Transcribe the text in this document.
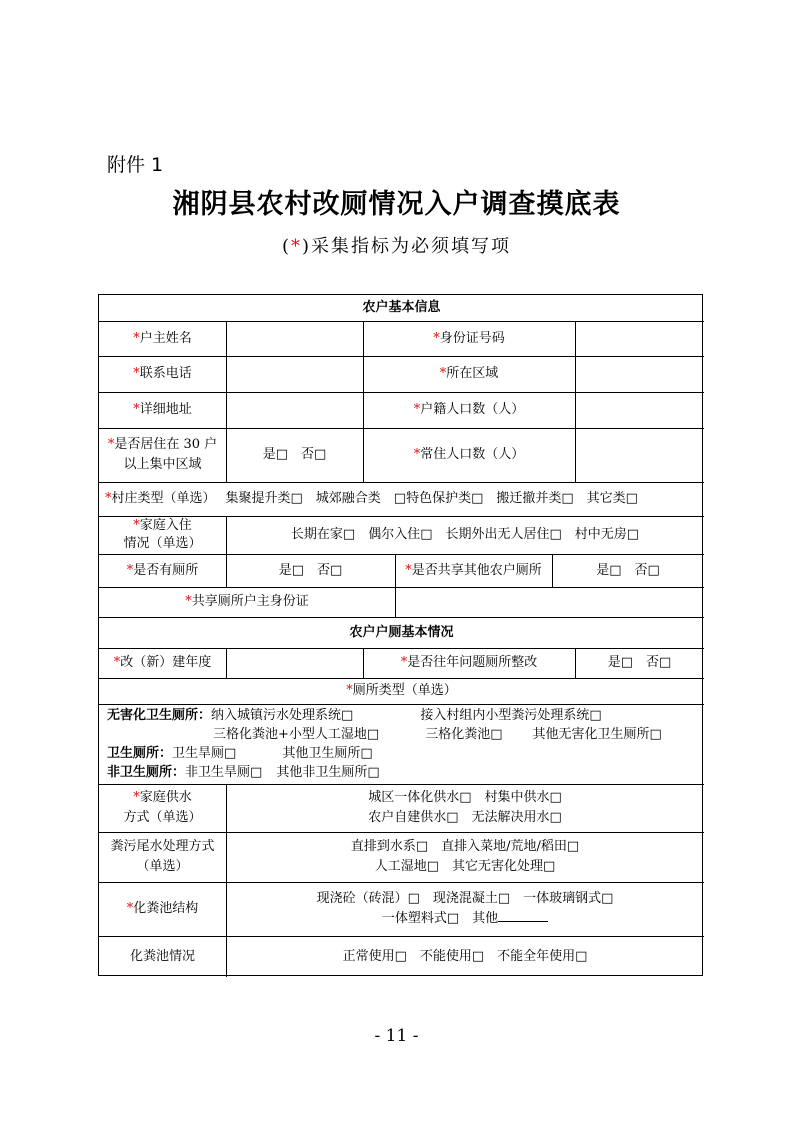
附件 1
湘阴县农村改厕情况入户调查摸底表
(*)采集指标为必须填写项
农户基本信息
* 户主姓名	* 身份证号码
* 联系电话	* 所在区域
* 详细地址	* 户籍人口数（人）
*是否居住在 30 户
以上集中区域
是□　否□	* 常住人口数（人）
* 村庄类型（单选） 集聚提升类□　城郊融合类　□特色保护类□　搬迁撤并类□　其它类□
*家庭入住
情况（单选）
长期在家□　偶尔入住□　长期外出无人居住□　村中无房□
* 是否有厕所	是□　否□	* 是否共享其他农户厕所	是□　否□
* 共享厕所户主身份证
农户户厕基本情况
* 改（新）建年度	* 是否往年问题厕所整改	是□　否□
* 厕所类型（单选）
无害化卫生厕所：纳入城镇污水处理系统□	接入村组内小型粪污处理系统□
三格化粪池+小型人工湿地□	三格化粪池□ 其他无害化卫生厕所□
卫生厕所：卫生旱厕□	其他卫生厕所□
非卫生厕所：非卫生旱厕□ 其他非卫生厕所□
*家庭供水
方式（单选）
城区一体化供水□　村集中供水□
农户自建供水□　无法解决用水□
粪污尾水处理方式
（单选）
直排到水系□　直排入菜地/荒地/稻田□
人工湿地□　其它无害化处理□
* 化粪池结构
现浇砼（砖混）□　现浇混凝土□　一体玻璃钢式□
一体塑料式□　其他
化粪池情况	正常使用□　不能使用□　不能全年使用□
- 11 -
